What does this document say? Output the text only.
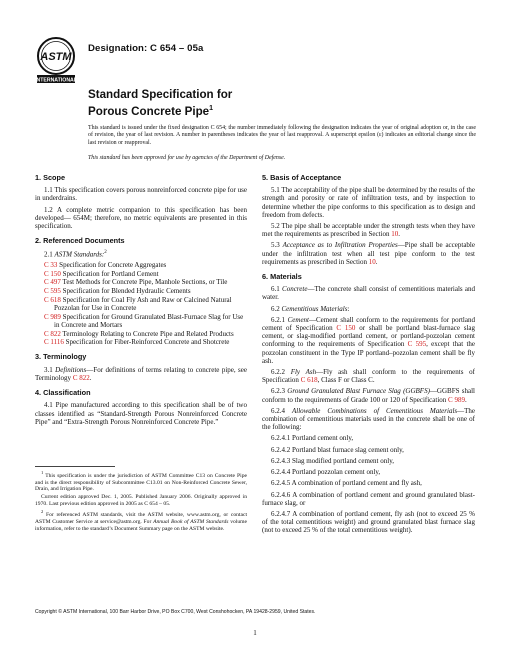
ASTM
INTERNATIONAL
Designation: C 654 – 05a
Standard Specification for
Porous Concrete Pipe$^1$
This standard is issued under the fixed designation C 654; the number immediately following the designation indicates the year of original adoption or, in the case of revision, the year of last revision. A number in parentheses indicates the year of last reapproval. A superscript epsilon (ε) indicates an editorial change since the last revision or reapproval.
This standard has been approved for use by agencies of the Department of Defense.
1. Scope
1.1 This specification covers porous nonreinforced concrete pipe for use in underdrains.
1.2 A complete metric companion to this specification has been developed— 654M; therefore, no metric equivalents are presented in this specification.
2. Referenced Documents
2.1 ASTM Standards:$^2$
C 33 Specification for Concrete Aggregates
C 150 Specification for Portland Cement
C 497 Test Methods for Concrete Pipe, Manhole Sections, or Tile
C 595 Specification for Blended Hydraulic Cements
C 618 Specification for Coal Fly Ash and Raw or Calcined Natural Pozzolan for Use in Concrete
C 989 Specification for Ground Granulated Blast-Furnace Slag for Use in Concrete and Mortars
C 822 Terminology Relating to Concrete Pipe and Related Products
C 1116 Specification for Fiber-Reinforced Concrete and Shotcrete
3. Terminology
3.1 Definitions—For definitions of terms relating to concrete pipe, see Terminology C 822.
4. Classification
4.1 Pipe manufactured according to this specification shall be of two classes identified as “Standard-Strength Porous Nonreinforced Concrete Pipe” and “Extra-Strength Porous Nonreinforced Concrete Pipe.”

$^1$ This specification is under the jurisdiction of ASTM Committee C13 on Concrete Pipe and is the direct responsibility of Subcommittee C13.01 on Non-Reinforced Concrete Sewer, Drain, and Irrigation Pipe.

Current edition approved Dec. 1, 2005. Published January 2006. Originally approved in 1970. Last previous edition approved in 2005 as C 654 – 05.

$^2$ For referenced ASTM standards, visit the ASTM website, www.astm.org, or contact ASTM Customer Service at service@astm.org. For Annual Book of ASTM Standards volume information, refer to the standard’s Document Summary page on the ASTM website.

5. Basis of Acceptance
5.1 The acceptability of the pipe shall be determined by the results of the strength and porosity or rate of infiltration tests, and by inspection to determine whether the pipe conforms to this specification as to design and freedom from defects.
5.2 The pipe shall be acceptable under the strength tests when they have met the requirements as prescribed in Section 10.
5.3 Acceptance as to Infiltration Properties—Pipe shall be acceptable under the infiltration test when all test pipe conform to the test requirements as prescribed in Section 10.
6. Materials
6.1 Concrete—The concrete shall consist of cementitious materials and water.
6.2 Cementitious Materials:
6.2.1 Cement—Cement shall conform to the requirements for portland cement of Specification C 150 or shall be portland blast-furnace slag cement, or slag-modified portland cement, or portland-pozzolan cement conforming to the requirements of Specification C 595, except that the pozzolan constituent in the Type IP portland–pozzolan cement shall be fly ash.
6.2.2 Fly Ash—Fly ash shall conform to the requirements of Specification C 618, Class F or Class C.
6.2.3 Ground Granulated Blast Furnace Slag (GGBFS)—GGBFS shall conform to the requirements of Grade 100 or 120 of Specification C 989.
6.2.4 Allowable Combinations of Cementitious Materials—The combination of cementitious materials used in the concrete shall be one of the following:
6.2.4.1 Portland cement only,
6.2.4.2 Portland blast furnace slag cement only,
6.2.4.3 Slag modified portland cement only,
6.2.4.4 Portland pozzolan cement only,
6.2.4.5 A combination of portland cement and fly ash,
6.2.4.6 A combination of portland cement and ground granulated blast-furnace slag, or
6.2.4.7 A combination of portland cement, fly ash (not to exceed 25 % of the total cementitious weight) and ground granulated blast furnace slag (not to exceed 25 % of the total cementitious weight).
Copyright © ASTM International, 100 Barr Harbor Drive, PO Box C700, West Conshohocken, PA 19428-2959, United States.
1
